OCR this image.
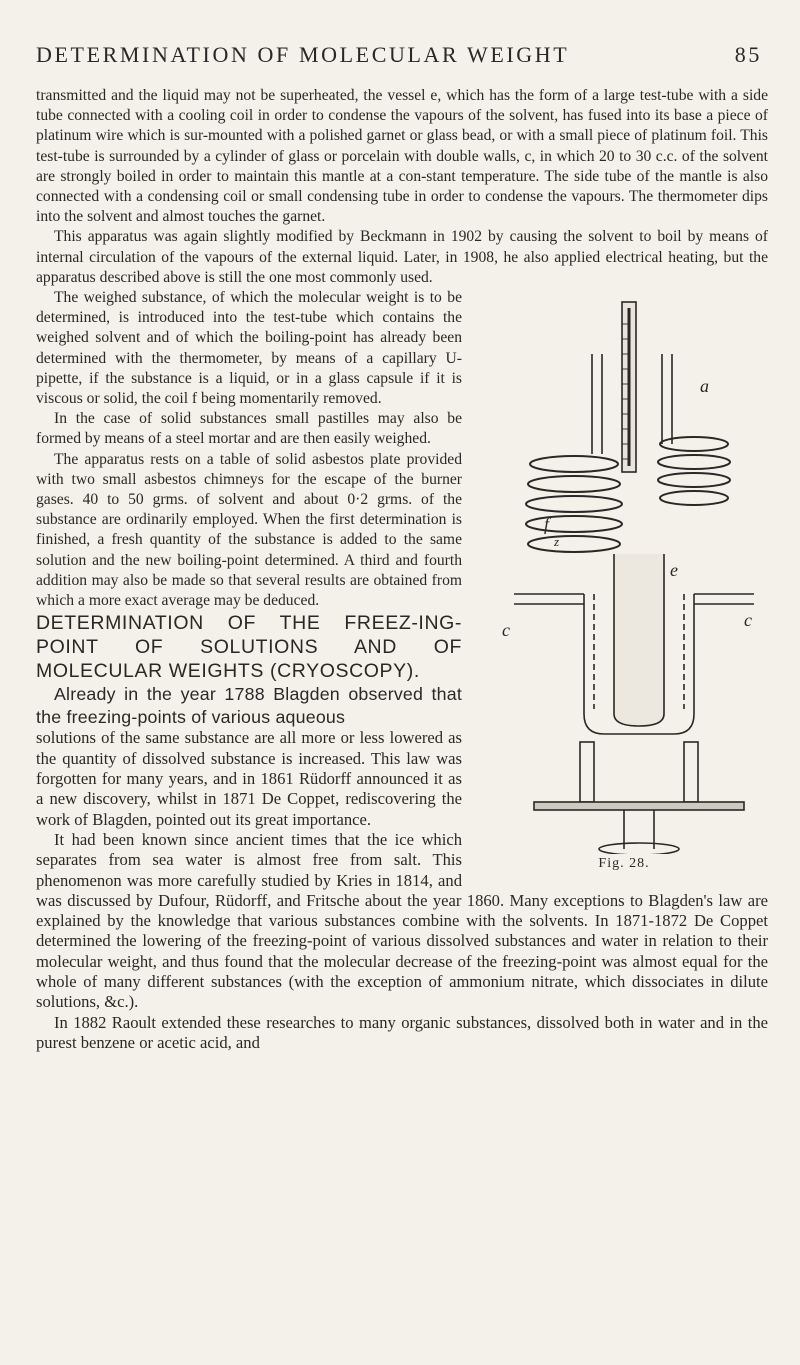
DETERMINATION OF MOLECULAR WEIGHT	85

transmitted and the liquid may not be superheated, the vessel e, which has the form of a large test-tube with a side tube connected with a cooling coil in order to condense the vapours of the solvent, has fused into its base a piece of platinum wire which is sur-mounted with a polished garnet or glass bead, or with a small piece of platinum foil. This test-tube is surrounded by a cylinder of glass or porcelain with double walls, c, in which 20 to 30 c.c. of the solvent are strongly boiled in order to maintain this mantle at a con-stant temperature. The side tube of the mantle is also connected with a condensing coil or small condensing tube in order to condense the vapours. The thermometer dips into the solvent and almost touches the garnet.

This apparatus was again slightly modified by Beckmann in 1902 by causing the solvent to boil by means of internal circulation of the vapours of the external liquid. Later, in 1908, he also applied electrical heating, but the apparatus described above is still the one most commonly used.

a
f
z
e
c	c
Fig. 28.

The weighed substance, of which the molecular weight is to be determined, is introduced into the test-tube which contains the weighed solvent and of which the boiling-point has already been determined with the thermometer, by means of a capillary U-pipette, if the substance is a liquid, or in a glass capsule if it is viscous or solid, the coil f being momentarily removed.

In the case of solid substances small pastilles may also be formed by means of a steel mortar and are then easily weighed.

The apparatus rests on a table of solid asbestos plate provided with two small asbestos chimneys for the escape of the burner gases. 40 to 50 grms. of solvent and about 0·2 grms. of the substance are ordinarily employed. When the first determination is finished, a fresh quantity of the substance is added to the same solution and the new boiling-point determined. A third and fourth addition may also be made so that several results are obtained from which a more exact average may be deduced.

DETERMINATION OF THE FREEZ-ING-POINT OF SOLUTIONS AND OF MOLECULAR WEIGHTS (CRYOSCOPY).

Already in the year 1788 Blagden observed that the freezing-points of various aqueous

solutions of the same substance are all more or less lowered as the quantity of dissolved substance is increased. This law was forgotten for many years, and in 1861 Rüdorff announced it as a new discovery, whilst in 1871 De Coppet, rediscovering the work of Blagden, pointed out its great importance.

It had been known since ancient times that the ice which separates from sea water is almost free from salt. This phenomenon was more carefully studied by Kries in 1814, and was discussed by Dufour, Rüdorff, and Fritsche about the year 1860. Many exceptions to Blagden's law are explained by the knowledge that various substances combine with the solvents. In 1871-1872 De Coppet determined the lowering of the freezing-point of various dissolved substances and water in relation to their molecular weight, and thus found that the molecular decrease of the freezing-point was almost equal for the whole of many different substances (with the exception of ammonium nitrate, which dissociates in dilute solutions, &c.).

In 1882 Raoult extended these researches to many organic substances, dissolved both in water and in the purest benzene or acetic acid, and
